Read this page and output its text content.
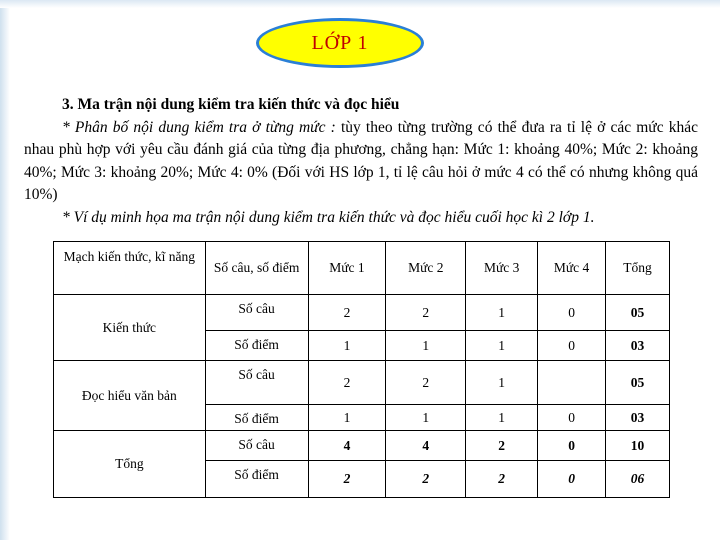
LỚP 1

3. Ma trận nội dung kiểm tra kiến thức và đọc hiểu

* Phân bố nội dung kiểm tra ở từng mức : tùy theo từng trường có thể đưa ra tỉ lệ ở các mức khác nhau phù hợp với yêu cầu đánh giá của từng địa phương, chẳng hạn: Mức 1: khoảng 40%; Mức 2: khoảng 40%; Mức 3: khoảng 20%; Mức 4: 0% (Đối với HS lớp 1, tỉ lệ câu hỏi ở mức 4 có thể có nhưng không quá 10%)

* Ví dụ minh họa ma trận nội dung kiểm tra kiến thức và đọc hiểu cuối học kì 2 lớp 1.

Mạch kiến thức, kĩ năng	Số câu, số điểm	Mức 1	Mức 2	Mức 3	Mức 4	Tổng
Kiến thức	Số câu	2	2	1	0	05
	Số điểm	1	1	1	0	03
Đọc hiểu văn bản	Số câu	2	2	1		05
	Số điểm	1	1	1	0	03
Tổng	Số câu	4	4	2	0	10
	Số điểm	2	2	2	0	06
